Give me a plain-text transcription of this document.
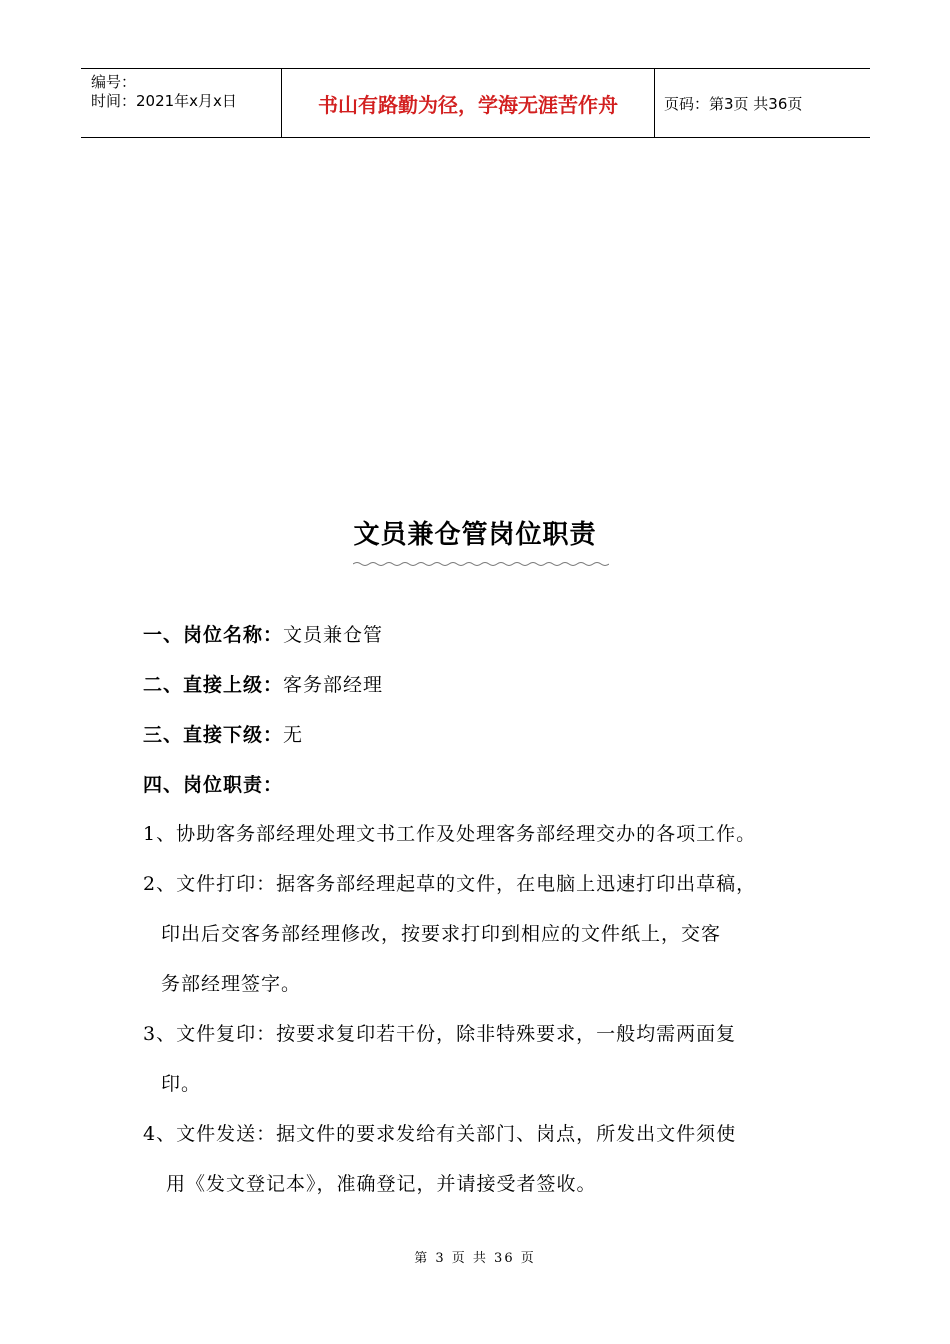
编号：
时间：2021年x月x日	书山有路勤为径，学海无涯苦作舟	页码：第3页 共36页
文员兼仓管岗位职责
一、岗位名称：文员兼仓管
二、直接上级：客务部经理
三、直接下级：无
四、岗位职责：
1、协助客务部经理处理文书工作及处理客务部经理交办的各项工作。
2、文件打印：据客务部经理起草的文件，在电脑上迅速打印出草稿，
印出后交客务部经理修改，按要求打印到相应的文件纸上，交客
务部经理签字。
3、文件复印：按要求复印若干份，除非特殊要求，一般均需两面复
印。
4、文件发送：据文件的要求发给有关部门、岗点，所发出文件须使
用《发文登记本》，准确登记，并请接受者签收。
第 3 页 共 36 页
